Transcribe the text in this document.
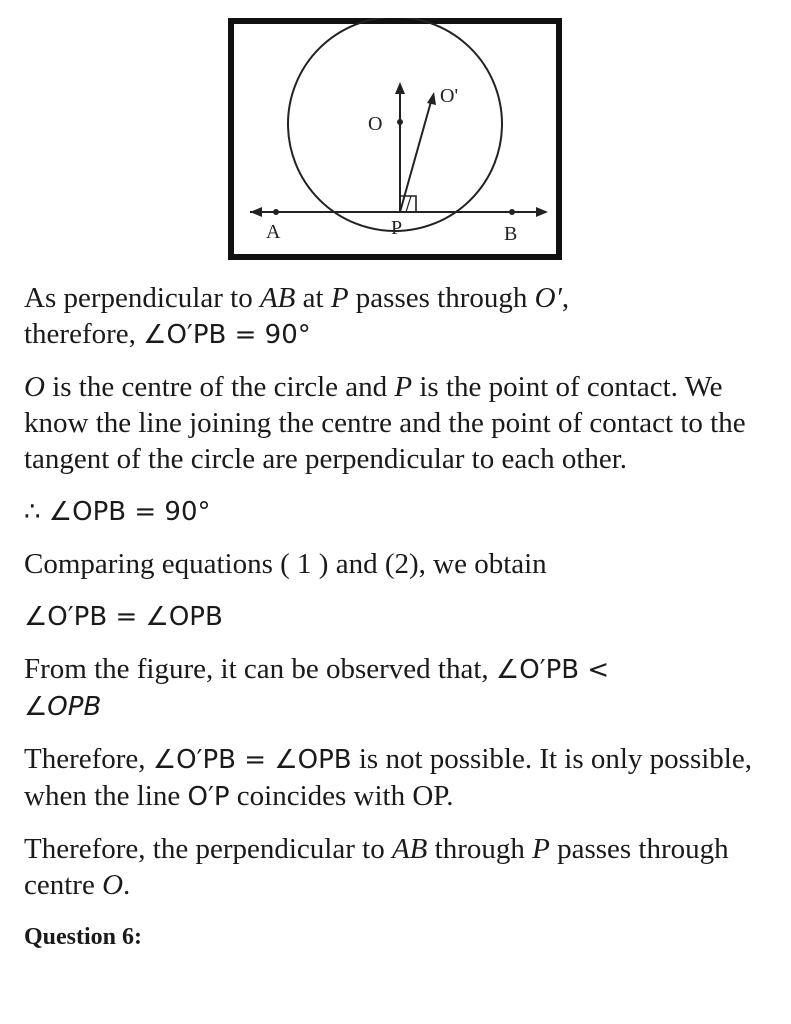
O
O'
A	P	B

As perpendicular to AB at P passes through O′,
therefore, ∠O′PB = 90°

O is the centre of the circle and P is the point of contact. We know the line joining the centre and the point of contact to the tangent of the circle are perpendicular to each other.

∴ ∠OPB = 90°

Comparing equations ( 1 ) and (2), we obtain

∠O′PB = ∠OPB

From the figure, it can be observed that, ∠O′PB <
∠OPB

Therefore, ∠O′PB = ∠OPB is not possible. It is only possible, when the line O′P coincides with OP.

Therefore, the perpendicular to AB through P passes through centre O.

Question 6:
